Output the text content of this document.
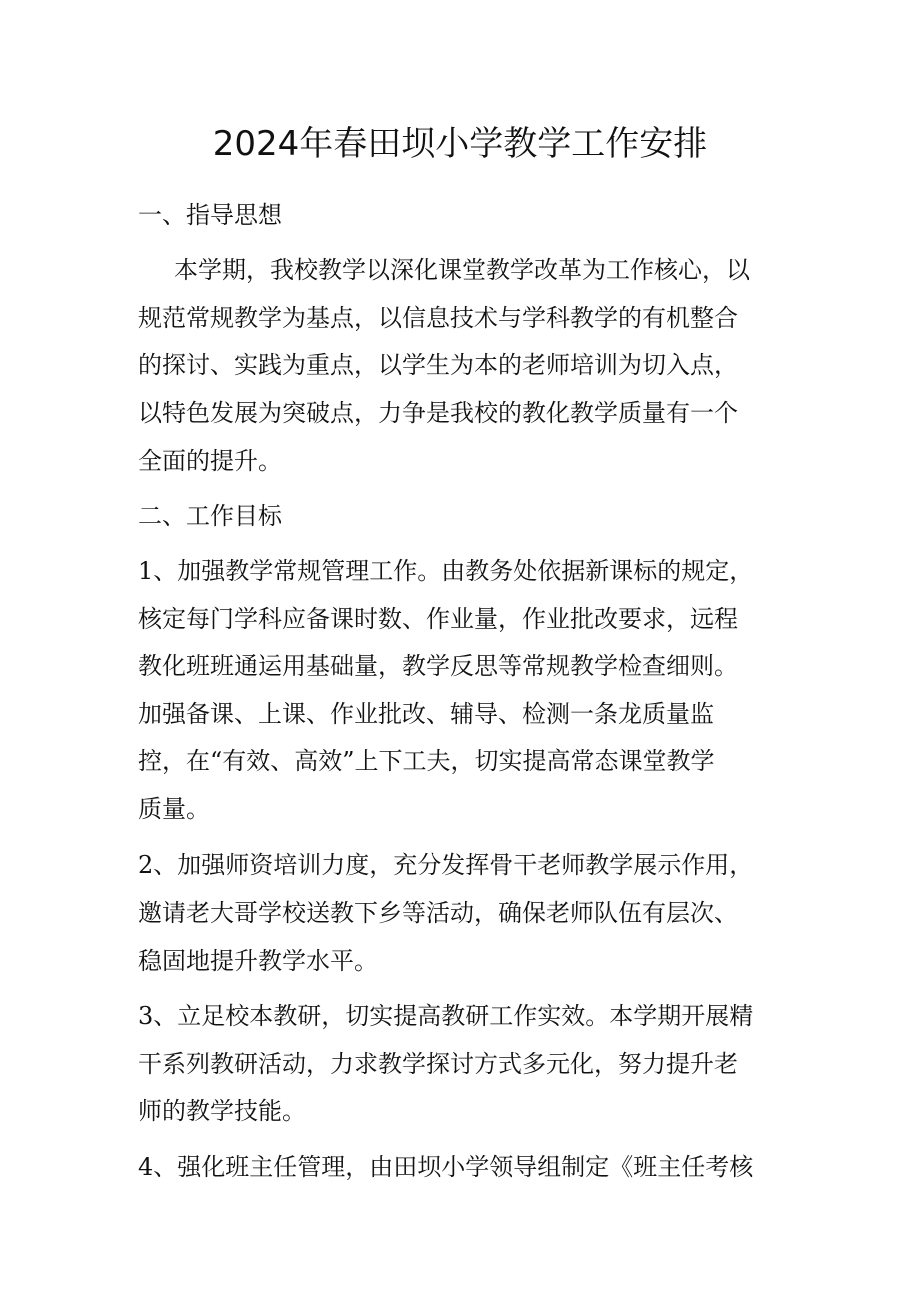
2024年春田坝小学教学工作安排

一、指导思想

本学期，我校教学以深化课堂教学改革为工作核心，以

规范常规教学为基点，以信息技术与学科教学的有机整合

的探讨、实践为重点，以学生为本的老师培训为切入点，

以特色发展为突破点，力争是我校的教化教学质量有一个

全面的提升。

二、工作目标

1、加强教学常规管理工作。由教务处依据新课标的规定，

核定每门学科应备课时数、作业量，作业批改要求，远程

教化班班通运用基础量，教学反思等常规教学检查细则。

加强备课、上课、作业批改、辅导、检测一条龙质量监

控，在“有效、高效”上下工夫，切实提高常态课堂教学

质量。

2、加强师资培训力度，充分发挥骨干老师教学展示作用，

邀请老大哥学校送教下乡等活动，确保老师队伍有层次、

稳固地提升教学水平。

3、立足校本教研，切实提高教研工作实效。本学期开展精

干系列教研活动，力求教学探讨方式多元化，努力提升老

师的教学技能。

4、强化班主任管理，由田坝小学领导组制定《班主任考核
